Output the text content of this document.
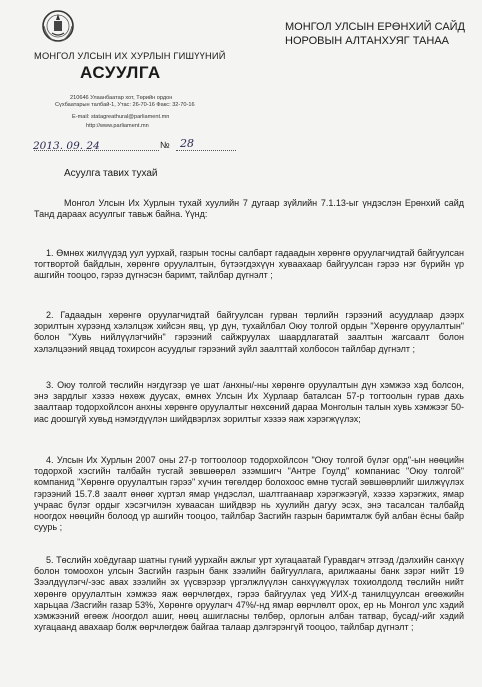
МОНГОЛ УЛСЫН ИХ ХУРЛЫН ГИШҮҮНИЙ
АСУУЛГА
210646 Улаанбаатар хот, Төрийн ордон
Сүхбаатарын талбай-1, Утас: 26-70-16 Факс: 32-70-16
E-mail: statagreathural@parliament.mn
http://www.parliament.mn
МОНГОЛ УЛСЫН ЕРӨНХИЙ САЙД
НОРОВЫН АЛТАНХУЯГ ТАНАА
2013. 09. 24	№ 28
Асуулга тавих тухай
Монгол Улсын Их Хурлын тухай хуулийн 7 дугаар зүйлийн 7.1.13-ыг үндэслэн Ерөнхий сайд Танд дараах асуулгыг тавьж байна. Үүнд:
1. Өмнөх жилүүдэд уул уурхай, газрын тосны салбарт гадаадын хөрөнгө оруулагчидтай байгуулсан тогтвортой байдлын, хөрөнгө оруулалтын, бүтээгдэхүүн хуваахаар байгуулсан гэрээ нэг бүрийн үр ашгийн тооцоо, гэрээ дүгнэсэн баримт, тайлбар дүгнэлт ;
2. Гадаадын хөрөнгө оруулагчидтай байгуулсан гурван төрлийн гэрээний асуудлаар дээрх зорилтын хүрээнд хэлэлцэж хийсэн явц, үр дүн, тухайлбал Оюу толгой ордын "Хөрөнгө оруулалтын" болон "Хувь нийлүүлэгчийн" гэрээний сайжруулах шаардлагатай заалтын жагсаалт болон хэлэлцээний явцад тохирсон асуудлыг гэрээний зүйл заалттай холбосон тайлбар дүгнэлт ;
3. Оюу толгой төслийн нэгдүгээр үе шат /анхны/-ны хөрөнгө оруулалтын дүн хэмжээ хэд болсон, энэ зардлыг хэзээ нөхөж дуусах, өмнөх Улсын Их Хурлаар баталсан 57-р тогтоолын гурав дахь заалтаар тодорхойлсон анхны хөрөнгө оруулалтыг нөхсөний дараа Монголын талын хувь хэмжээг 50-иас доошгүй хувьд нэмэгдүүлэн шийдвэрлэх зорилтыг хэзээ яаж хэрэгжүүлэх;
4. Улсын Их Хурлын 2007 оны 27-р тогтоолоор тодорхойлсон "Оюу толгой бүлэг орд"-ын нөөцийн тодорхой хэсгийн талбайн тусгай зөвшөөрөл эзэмшигч "Антре Гоулд" компаниас "Оюу толгой" компанид "Хөрөнгө оруулалтын гэрээ" хүчин төгөлдөр болохоос өмнө тусгай зөвшөөрлийг шилжүүлэх гэрээний 15.7.8 заалт өнөөг хүртэл ямар үндэслэл, шалтгаанаар хэрэгжээгүй, хэзээ хэрэгжих, ямар учраас бүлэг ордыг хэсэгчилэн хуваасан шийдвэр нь хуулийн дагуу эсэх, энэ тасалсан талбайд ноогдох нөөцийн болоод үр ашгийн тооцоо, тайлбар Засгийн газрын баримталж буй албан ёсны байр суурь ;
5. Төслийн хоёдугаар шатны гүний уурхайн ажлыг урт хугацаатай Гуравдагч этгээд /дэлхийн санхүү болон томоохон улсын Засгийн газрын банк зээлийн байгууллага, арилжааны банк зэрэг нийт 19 Зээлдүүлэгч/-ээс авах зээлийн эх үүсвэрээр үргэлжлүүлэн санхүүжүүлэх тохиолдолд төслийн нийт хөрөнгө оруулалтын хэмжээ яаж өөрчлөгдөх, гэрээ байгуулах үед УИХ-д танилцуулсан өгөөжийн харьцаа /Засгийн газар 53%, Хөрөнгө оруулагч 47%/-нд ямар өөрчлөлт орох, ер нь Монгол улс хэдий хэмжээний өгөөж /ноогдол ашиг, нөөц ашигласны төлбөр, орлогын албан татвар, бусад/-ийг хэдий хугацаанд авахаар болж өөрчлөгдөж байгаа талаар дэлгэрэнгүй тооцоо, тайлбар дүгнэлт ;
